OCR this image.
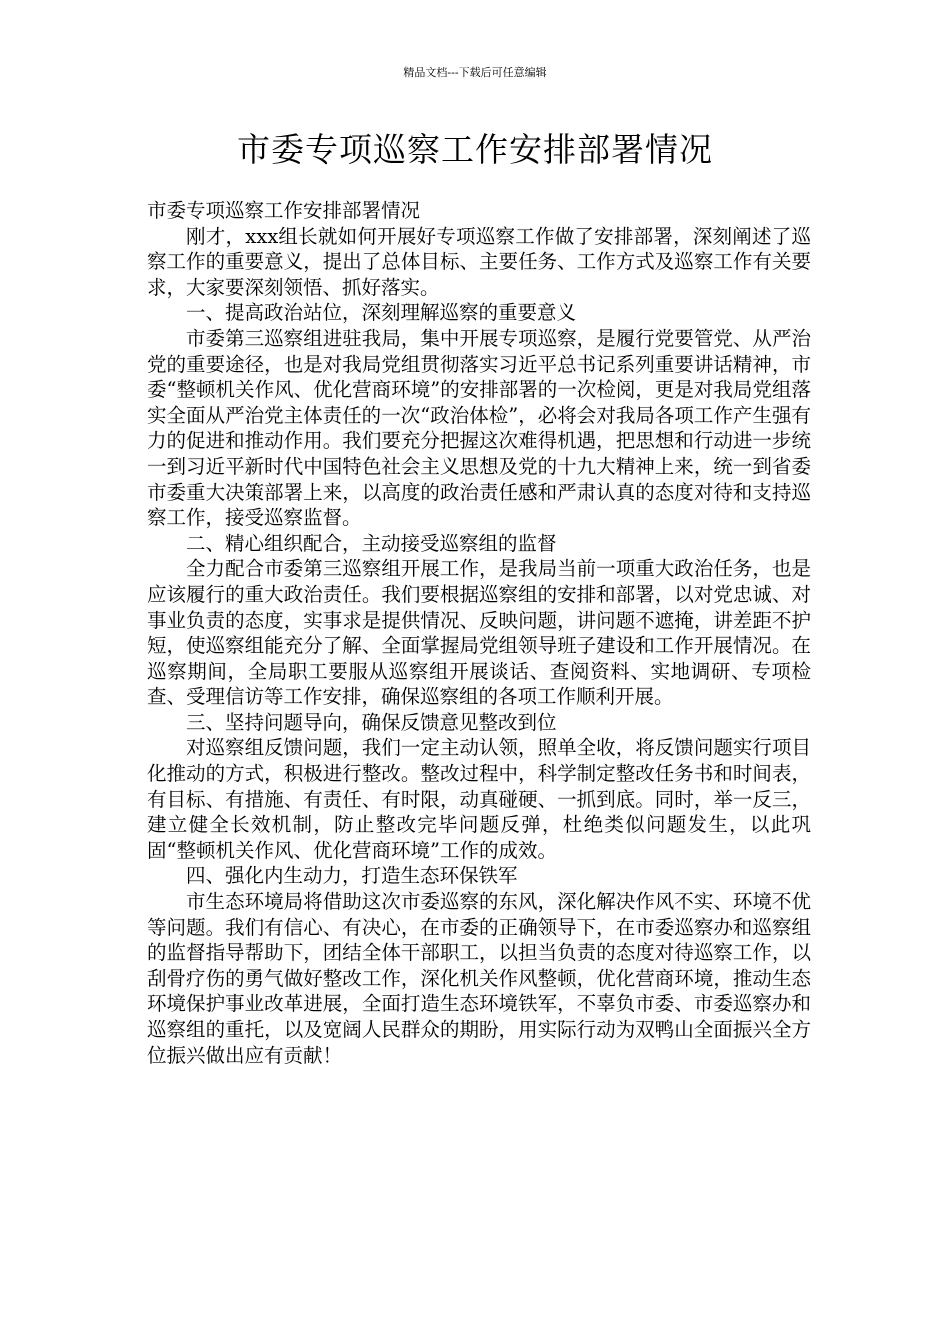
精品文档---下载后可任意编辑
市委专项巡察工作安排部署情况

市委专项巡察工作安排部署情况

刚才，xxx组长就如何开展好专项巡察工作做了安排部署，深刻阐述了巡察工作的重要意义，提出了总体目标、主要任务、工作方式及巡察工作有关要求，大家要深刻领悟、抓好落实。

一、提高政治站位，深刻理解巡察的重要意义

市委第三巡察组进驻我局，集中开展专项巡察，是履行党要管党、从严治党的重要途径，也是对我局党组贯彻落实习近平总书记系列重要讲话精神，市委“整顿机关作风、优化营商环境”的安排部署的一次检阅，更是对我局党组落实全面从严治党主体责任的一次“政治体检”，必将会对我局各项工作产生强有力的促进和推动作用。我们要充分把握这次难得机遇，把思想和行动进一步统一到习近平新时代中国特色社会主义思想及党的十九大精神上来，统一到省委市委重大决策部署上来，以高度的政治责任感和严肃认真的态度对待和支持巡察工作，接受巡察监督。

二、精心组织配合，主动接受巡察组的监督

全力配合市委第三巡察组开展工作，是我局当前一项重大政治任务，也是应该履行的重大政治责任。我们要根据巡察组的安排和部署，以对党忠诚、对事业负责的态度，实事求是提供情况、反映问题，讲问题不遮掩，讲差距不护短，使巡察组能充分了解、全面掌握局党组领导班子建设和工作开展情况。在巡察期间，全局职工要服从巡察组开展谈话、查阅资料、实地调研、专项检查、受理信访等工作安排，确保巡察组的各项工作顺利开展。

三、坚持问题导向，确保反馈意见整改到位

对巡察组反馈问题，我们一定主动认领，照单全收，将反馈问题实行项目化推动的方式，积极进行整改。整改过程中，科学制定整改任务书和时间表，有目标、有措施、有责任、有时限，动真碰硬、一抓到底。同时，举一反三，建立健全长效机制，防止整改完毕问题反弹，杜绝类似问题发生，以此巩固“整顿机关作风、优化营商环境”工作的成效。

四、强化内生动力，打造生态环保铁军

市生态环境局将借助这次市委巡察的东风，深化解决作风不实、环境不优等问题。我们有信心、有决心，在市委的正确领导下，在市委巡察办和巡察组的监督指导帮助下，团结全体干部职工，以担当负责的态度对待巡察工作，以刮骨疗伤的勇气做好整改工作，深化机关作风整顿，优化营商环境，推动生态环境保护事业改革进展，全面打造生态环境铁军，不辜负市委、市委巡察办和巡察组的重托，以及宽阔人民群众的期盼，用实际行动为双鸭山全面振兴全方位振兴做出应有贡献！
